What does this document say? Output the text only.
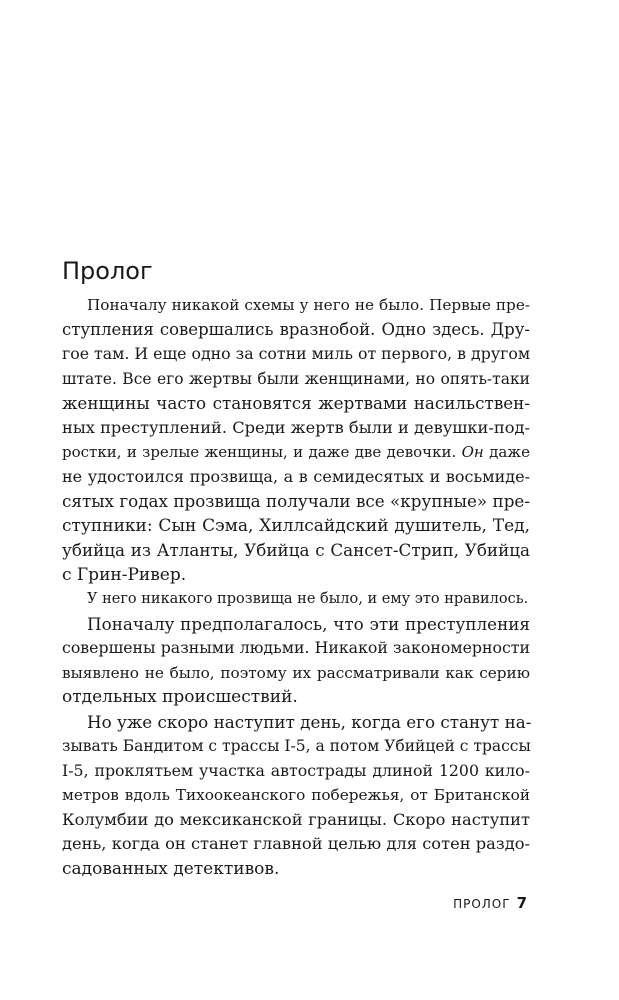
Пролог
Поначалу никакой схемы у него не было. Первые пре-
ступления совершались вразнобой. Одно здесь. Дру-
гое там. И еще одно за сотни миль от первого, в другом
штате. Все его жертвы были женщинами, но опять-таки
женщины часто становятся жертвами насильствен-
ных преступлений. Среди жертв были и девушки-под-
ростки, и зрелые женщины, и даже две девочки. Он даже
не удостоился прозвища, а в семидесятых и восьмиде-
сятых годах прозвища получали все «крупные» пре-
ступники: Сын Сэма, Хиллсайдский душитель, Тед,
убийца из Атланты, Убийца с Сансет-Стрип, Убийца
с Грин-Ривер.
У него никакого прозвища не было, и ему это нравилось.
Поначалу предполагалось, что эти преступления
совершены разными людьми. Никакой закономерности
выявлено не было, поэтому их рассматривали как серию
отдельных происшествий.
Но уже скоро наступит день, когда его станут на-
зывать Бандитом с трассы I-5, а потом Убийцей с трассы
I-5, проклятьем участка автострады длиной 1200 кило-
метров вдоль Тихоокеанского побережья, от Британской
Колумбии до мексиканской границы. Скоро наступит
день, когда он станет главной целью для сотен раздо-
садованных детективов.
ПРОЛОГ 7
